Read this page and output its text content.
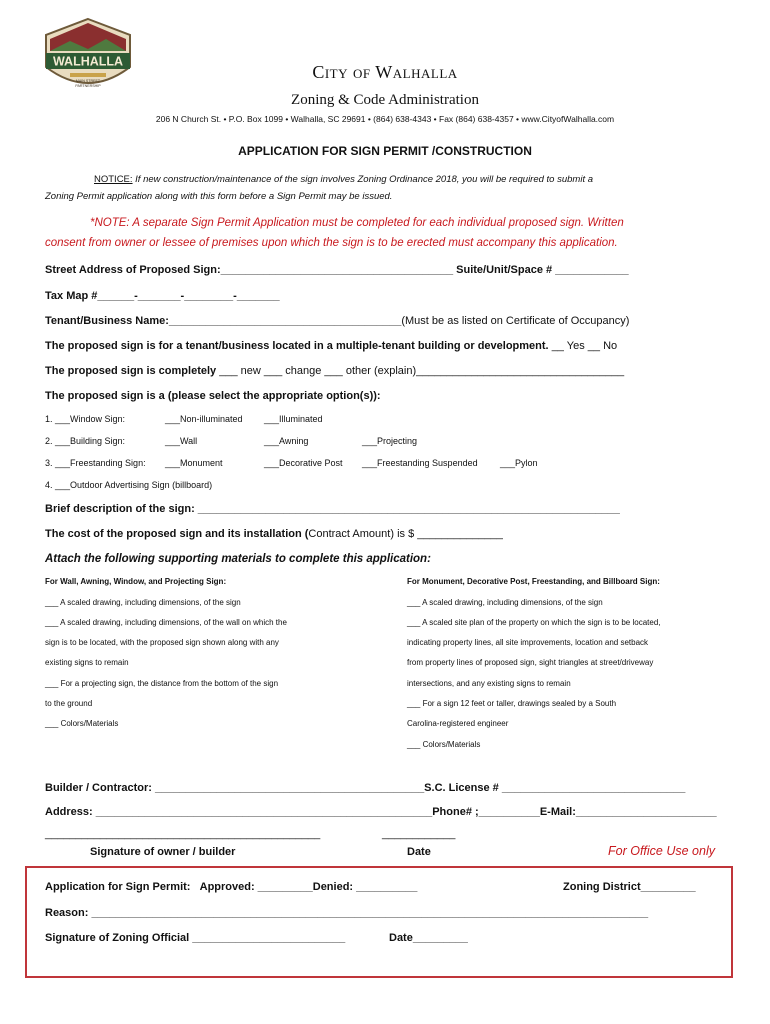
WALHALLA
MAIN STREET
PARTNERSHIP
City of Walhalla
Zoning & Code Administration
206 N Church St. • P.O. Box 1099 • Walhalla, SC 29691 • (864) 638-4343 • Fax (864) 638-4357 • www.CityofWalhalla.com
APPLICATION FOR SIGN PERMIT /CONSTRUCTION
NOTICE: If new construction/maintenance of the sign involves Zoning Ordinance 2018, you will be required to submit a
Zoning Permit application along with this form before a Sign Permit may be issued.
*NOTE: A separate Sign Permit Application must be completed for each individual proposed sign. Written
consent from owner or lessee of premises upon which the sign is to be erected must accompany this application.
Street Address of Proposed Sign:______________________________________ Suite/Unit/Space # ____________
Tax Map #______-_______-________-_______
Tenant/Business Name:______________________________________(Must be as listed on Certificate of Occupancy)
The proposed sign is for a tenant/business located in a multiple-tenant building or development. __ Yes __ No
The proposed sign is completely ___ new ___ change ___ other (explain)__________________________________
The proposed sign is a (please select the appropriate option(s)):
1. ___Window Sign:	___Non-illuminated ___Illuminated
2. ___Building Sign:	___Wall	___Awning	___Projecting
3. ___Freestanding Sign: ___Monument	___Decorative Post ___Freestanding Suspended ___Pylon
4. ___Outdoor Advertising Sign (billboard)
Brief description of the sign: _____________________________________________________________________
The cost of the proposed sign and its installation (Contract Amount) is $ ______________
Attach the following supporting materials to complete this application:
For Wall, Awning, Window, and Projecting Sign:
___ A scaled drawing, including dimensions, of the sign
___ A scaled drawing, including dimensions, of the wall on which the
sign is to be located, with the proposed sign shown along with any
existing signs to remain
___ For a projecting sign, the distance from the bottom of the sign
to the ground
___ Colors/Materials
For Monument, Decorative Post, Freestanding, and Billboard Sign:
___ A scaled drawing, including dimensions, of the sign
___ A scaled site plan of the property on which the sign is to be located,
indicating property lines, all site improvements, location and setback
from property lines of proposed sign, sight triangles at street/driveway
intersections, and any existing signs to remain
___ For a sign 12 feet or taller, drawings sealed by a South
Carolina-registered engineer
___ Colors/Materials
Builder / Contractor: ____________________________________________S.C. License # ______________________________
Address: _______________________________________________________Phone# ;__________E-Mail:_______________________
_____________________________________________	____________
Signature of owner / builder	Date	For Office Use only
Application for Sign Permit: Approved: _________Denied: __________	Zoning District_________
Reason: ___________________________________________________________________________________________
Signature of Zoning Official _________________________	Date_________
